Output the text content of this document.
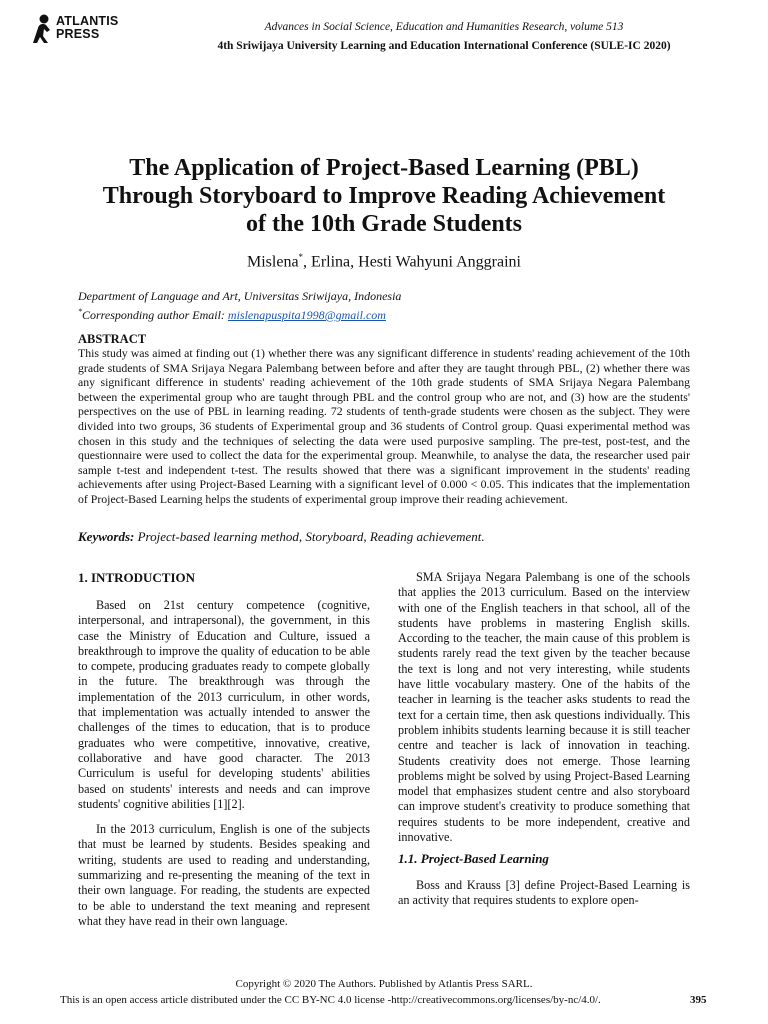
ATLANTIS
PRESS	Advances in Social Science, Education and Humanities Research, volume 513
4th Sriwijaya University Learning and Education International Conference (SULE-IC 2020)
The Application of Project-Based Learning (PBL)
Through Storyboard to Improve Reading Achievement
of the 10th Grade Students
Mislena*, Erlina, Hesti Wahyuni Anggraini
Department of Language and Art, Universitas Sriwijaya, Indonesia
*Corresponding author Email: mislenapuspita1998@gmail.com
ABSTRACT
This study was aimed at finding out (1) whether there was any significant difference in students' reading achievement of the 10th grade students of SMA Srijaya Negara Palembang between before and after they are taught through PBL, (2) whether there was any significant difference in students' reading achievement of the 10th grade students of SMA Srijaya Negara Palembang between the experimental group who are taught through PBL and the control group who are not, and (3) how are the students' perspectives on the use of PBL in learning reading. 72 students of tenth-grade students were chosen as the subject. They were divided into two groups, 36 students of Experimental group and 36 students of Control group. Quasi experimental method was chosen in this study and the techniques of selecting the data were used purposive sampling. The pre-test, post-test, and the questionnaire were used to collect the data for the experimental group. Meanwhile, to analyse the data, the researcher used pair sample t-test and independent t-test. The results showed that there was a significant improvement in the students' reading achievements after using Project-Based Learning with a significant level of 0.000 < 0.05. This indicates that the implementation of Project-Based Learning helps the students of experimental group improve their reading achievement.
Keywords: Project-based learning method, Storyboard, Reading achievement.
1. INTRODUCTION

Based on 21st century competence (cognitive, interpersonal, and intrapersonal), the government, in this case the Ministry of Education and Culture, issued a breakthrough to improve the quality of education to be able to compete, producing graduates ready to compete globally in the future. The breakthrough was through the implementation of the 2013 curriculum, in other words, that implementation was actually intended to answer the challenges of the times to education, that is to produce graduates who were competitive, innovative, creative, collaborative and have good character. The 2013 Curriculum is useful for developing students' abilities based on students' interests and needs and can improve students' cognitive abilities [1][2].

In the 2013 curriculum, English is one of the subjects that must be learned by students. Besides speaking and writing, students are used to reading and understanding, summarizing and re-presenting the meaning of the text in their own language. For reading, the students are expected to be able to understand the text meaning and represent what they have read in their own language.

SMA Srijaya Negara Palembang is one of the schools that applies the 2013 curriculum. Based on the interview with one of the English teachers in that school, all of the students have problems in mastering English skills. According to the teacher, the main cause of this problem is students rarely read the text given by the teacher because the text is long and not very interesting, while students have little vocabulary mastery. One of the habits of the teacher in learning is the teacher asks students to read the text for a certain time, then ask questions individually. This problem inhibits students learning because it is still teacher centre and teacher is lack of innovation in teaching. Students creativity does not emerge. Those learning problems might be solved by using Project-Based Learning model that emphasizes student centre and also storyboard can improve student's creativity to produce something that requires students to be more independent, creative and innovative.

1.1. Project-Based Learning

Boss and Krauss [3] define Project-Based Learning is an activity that requires students to explore open-

Copyright © 2020 The Authors. Published by Atlantis Press SARL.
This is an open access article distributed under the CC BY-NC 4.0 license -http://creativecommons.org/licenses/by-nc/4.0/.	395
